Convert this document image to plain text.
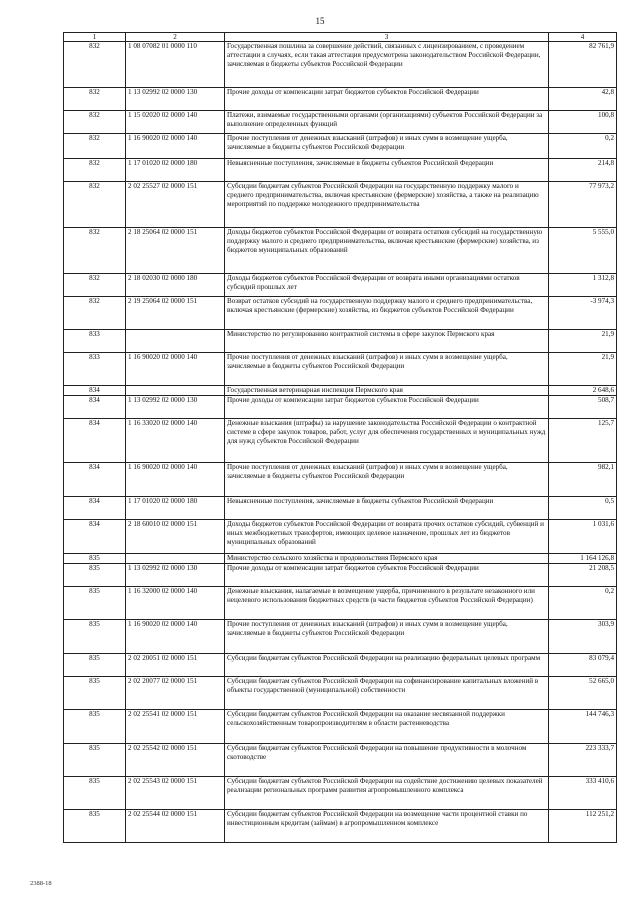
15
1	2	3	4
832	1 08 07082 01 0000 110	Государственная пошлина за совершение действий, связанных с лицензированием, с проведением аттестации в случаях, если такая аттестация предусмотрена законодательством Российской Федерации, зачисляемая в бюджеты субъектов Российской Федерации	82 761,9
832	1 13 02992 02 0000 130	Прочие доходы от компенсации затрат бюджетов субъектов Российской Федерации	42,8
832	1 15 02020 02 0000 140	Платежи, взимаемые государственными органами (организациями) субъектов Российской Федерации за выполнение определенных функций	100,8
832	1 16 90020 02 0000 140	Прочие поступления от денежных взысканий (штрафов) и иных сумм в возмещение ущерба, зачисляемые в бюджеты субъектов Российской Федерации	0,2
832	1 17 01020 02 0000 180	Невыясненные поступления, зачисляемые в бюджеты субъектов Российской Федерации	214,8
832	2 02 25527 02 0000 151	Субсидии бюджетам субъектов Российской Федерации на государственную поддержку малого и среднего предпринимательства, включая крестьянские (фермерские) хозяйства, а также на реализацию мероприятий по поддержке молодежного предпринимательства	77 973,2
832	2 18 25064 02 0000 151	Доходы бюджетов субъектов Российской Федерации от возврата остатков субсидий на государственную поддержку малого и среднего предпринимательства, включая крестьянские (фермерские) хозяйства, из бюджетов муниципальных образований	5 555,0
832	2 18 02030 02 0000 180	Доходы бюджетов субъектов Российской Федерации от возврата иными организациями остатков субсидий прошлых лет	1 312,8
832	2 19 25064 02 0000 151	Возврат остатков субсидий на государственную поддержку малого и среднего предпринимательства, включая крестьянские (фермерские) хозяйства, из бюджетов субъектов Российской Федерации	-3 974,3
833		Министерство по регулированию контрактной системы в сфере закупок Пермского края	21,9
833	1 16 90020 02 0000 140	Прочие поступления от денежных взысканий (штрафов) и иных сумм в возмещение ущерба, зачисляемые в бюджеты субъектов Российской Федерации	21,9
834		Государственная ветеринарная инспекция Пермского края	2 648,6
834	1 13 02992 02 0000 130	Прочие доходы от компенсации затрат бюджетов субъектов Российской Федерации	508,7
834	1 16 33020 02 0000 140	Денежные взыскания (штрафы) за нарушение законодательства Российской Федерации о контрактной системе в сфере закупок товаров, работ, услуг для обеспечения государственных и муниципальных нужд для нужд субъектов Российской Федерации	125,7
834	1 16 90020 02 0000 140	Прочие поступления от денежных взысканий (штрафов) и иных сумм в возмещение ущерба, зачисляемые в бюджеты субъектов Российской Федерации	982,1
834	1 17 01020 02 0000 180	Невыясненные поступления, зачисляемые в бюджеты субъектов Российской Федерации	0,5
834	2 18 60010 02 0000 151	Доходы бюджетов субъектов Российской Федерации от возврата прочих остатков субсидий, субвенций и иных межбюджетных трансфертов, имеющих целевое назначение, прошлых лет из бюджетов муниципальных образований	1 031,6
835		Министерство сельского хозяйства и продовольствия Пермского края	1 164 126,8
835	1 13 02992 02 0000 130	Прочие доходы от компенсации затрат бюджетов субъектов Российской Федерации	21 208,5
835	1 16 32000 02 0000 140	Денежные взыскания, налагаемые в возмещение ущерба, причиненного в результате незаконного или нецелевого использования бюджетных средств (в части бюджетов субъектов Российской Федерации)	0,2
835	1 16 90020 02 0000 140	Прочие поступления от денежных взысканий (штрафов) и иных сумм в возмещение ущерба, зачисляемые в бюджеты субъектов Российской Федерации	303,9
835	2 02 20051 02 0000 151	Субсидии бюджетам субъектов Российской Федерации на реализацию федеральных целевых программ	83 079,4
835	2 02 20077 02 0000 151	Субсидии бюджетам субъектов Российской Федерации на софинансирование капитальных вложений в объекты государственной (муниципальной) собственности	52 665,0
835	2 02 25541 02 0000 151	Субсидии бюджетам субъектов Российской Федерации на оказание несвязанной поддержки сельскохозяйственным товаропроизводителям в области растениеводства	144 746,3
835	2 02 25542 02 0000 151	Субсидии бюджетам субъектов Российской Федерации на повышение продуктивности в молочном скотоводстве	223 333,7
835	2 02 25543 02 0000 151	Субсидии бюджетам субъектов Российской Федерации на содействие достижению целевых показателей реализации региональных программ развития агропромышленного комплекса	333 410,6
835	2 02 25544 02 0000 151	Субсидии бюджетам субъектов Российской Федерации на возмещение части процентной ставки по инвестиционным кредитам (займам) в агропромышленном комплексе	112 251,2
2388-18
